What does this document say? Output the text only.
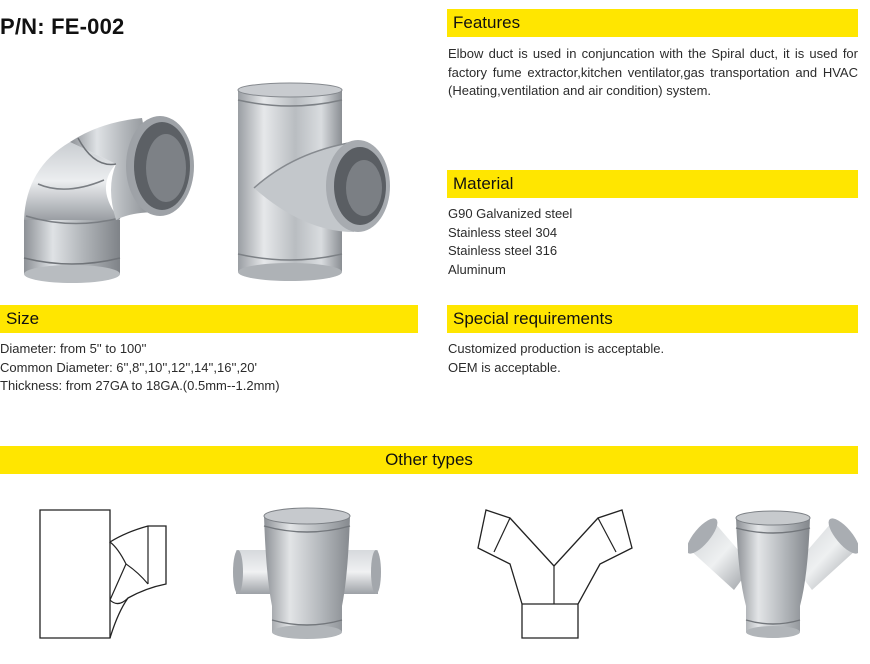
P/N: FE-002	Features
Elbow duct is used in conjuncation with the Spiral duct, it is used for factory fume extractor,kitchen ventilator,gas transportation and HVAC (Heating,ventilation and air condition) system.
Material
G90 Galvanized steel
Stainless steel 304
Stainless steel 316
Aluminum
Size
Diameter: from 5'' to 100''
Common Diameter: 6'',8'',10'',12'',14'',16'',20'
Thickness: from 27GA to 18GA.(0.5mm--1.2mm)
Special requirements
Customized production is acceptable.
OEM is acceptable.
Other types
